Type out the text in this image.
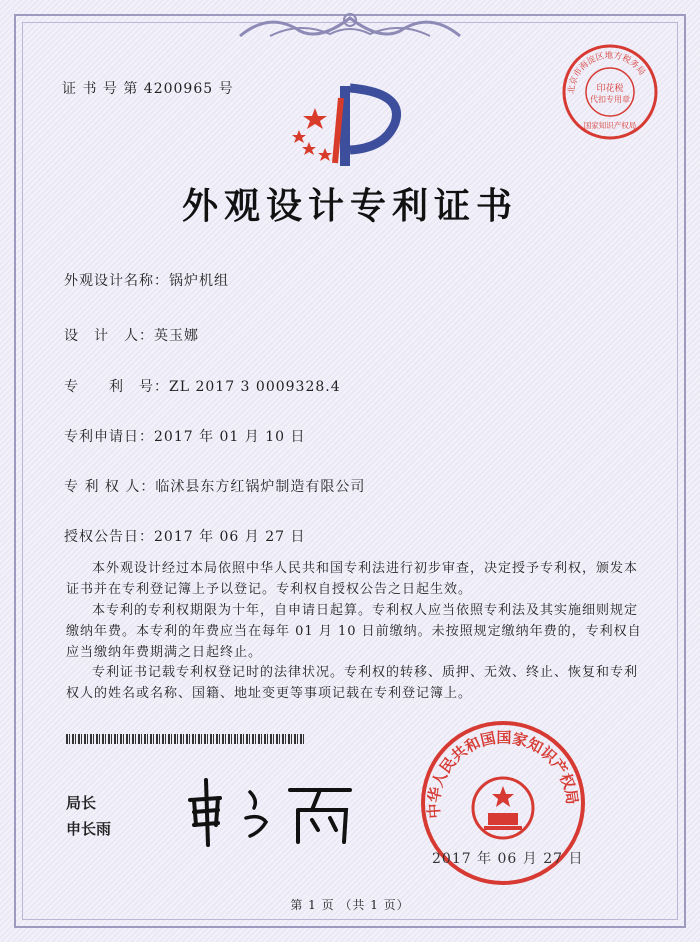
证 书 号 第 4200965 号	北京市海淀区地方税务局
印花税
代扣专用章
国家知识产权局
外观设计专利证书
外观设计名称：锅炉机组
设　计　人：英玉娜
专　　利　号：ZL 2017 3 0009328.4
专利申请日：2017 年 01 月 10 日
专 利 权 人：临沭县东方红锅炉制造有限公司
授权公告日：2017 年 06 月 27 日

本外观设计经过本局依照中华人民共和国专利法进行初步审查，决定授予专利权，颁发本证书并在专利登记簿上予以登记。专利权自授权公告之日起生效。

本专利的专利权期限为十年，自申请日起算。专利权人应当依照专利法及其实施细则规定缴纳年费。本专利的年费应当在每年 01 月 10 日前缴纳。未按照规定缴纳年费的，专利权自应当缴纳年费期满之日起终止。

专利证书记载专利权登记时的法律状况。专利权的转移、质押、无效、终止、恢复和专利权人的姓名或名称、国籍、地址变更等事项记载在专利登记簿上。

局长
申长雨
中华人民共和国国家知识产权局
2017 年 06 月 27 日
第 1 页 （共 1 页）
